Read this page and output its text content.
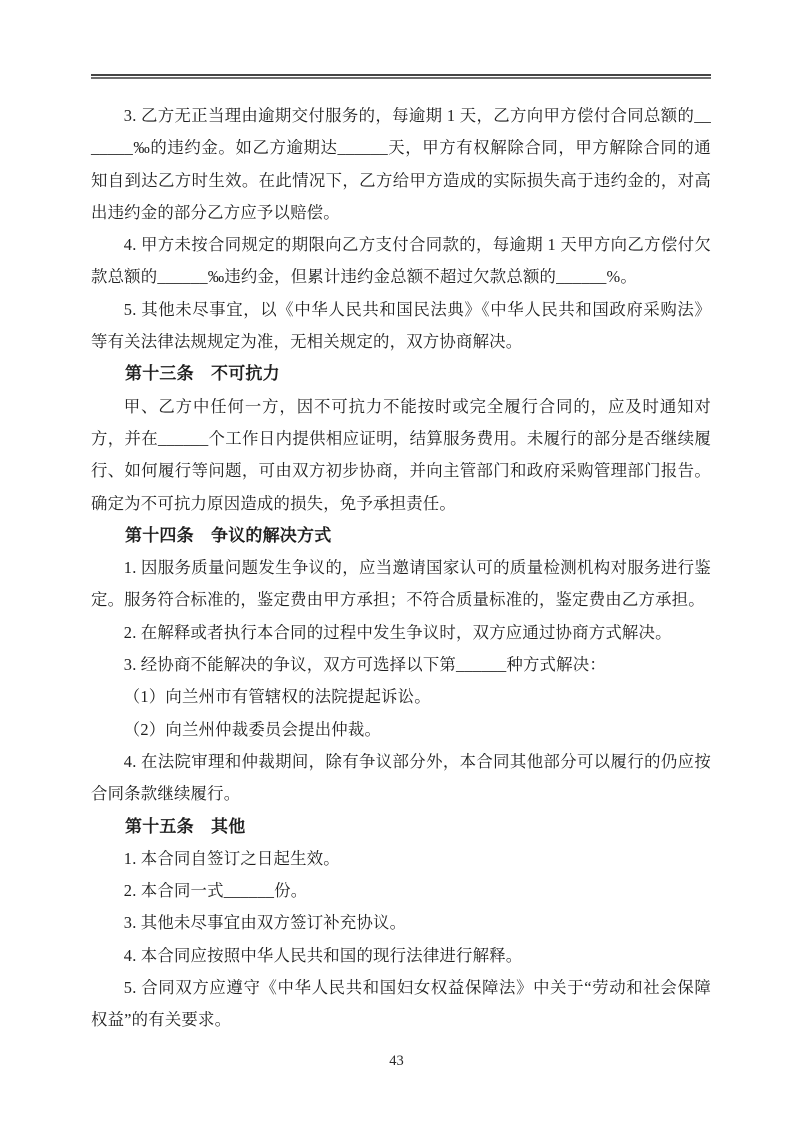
3. 乙方无正当理由逾期交付服务的，每逾期 1 天，乙方向甲方偿付合同总额的_______‰的违约金。如乙方逾期达______天，甲方有权解除合同，甲方解除合同的通知自到达乙方时生效。在此情况下，乙方给甲方造成的实际损失高于违约金的，对高出违约金的部分乙方应予以赔偿。

4. 甲方未按合同规定的期限向乙方支付合同款的，每逾期 1 天甲方向乙方偿付欠款总额的______‰违约金，但累计违约金总额不超过欠款总额的______%。

5. 其他未尽事宜，以《中华人民共和国民法典》《中华人民共和国政府采购法》等有关法律法规规定为准，无相关规定的，双方协商解决。

第十三条　不可抗力

甲、乙方中任何一方，因不可抗力不能按时或完全履行合同的，应及时通知对方，并在______个工作日内提供相应证明，结算服务费用。未履行的部分是否继续履行、如何履行等问题，可由双方初步协商，并向主管部门和政府采购管理部门报告。确定为不可抗力原因造成的损失，免予承担责任。

第十四条　争议的解决方式

1. 因服务质量问题发生争议的，应当邀请国家认可的质量检测机构对服务进行鉴定。服务符合标准的，鉴定费由甲方承担；不符合质量标准的，鉴定费由乙方承担。

2. 在解释或者执行本合同的过程中发生争议时，双方应通过协商方式解决。

3. 经协商不能解决的争议，双方可选择以下第______种方式解决：

（1）向兰州市有管辖权的法院提起诉讼。

（2）向兰州仲裁委员会提出仲裁。

4. 在法院审理和仲裁期间，除有争议部分外，本合同其他部分可以履行的仍应按合同条款继续履行。

第十五条　其他

1. 本合同自签订之日起生效。

2. 本合同一式______份。

3. 其他未尽事宜由双方签订补充协议。

4. 本合同应按照中华人民共和国的现行法律进行解释。

5. 合同双方应遵守《中华人民共和国妇女权益保障法》中关于“劳动和社会保障权益”的有关要求。

43
